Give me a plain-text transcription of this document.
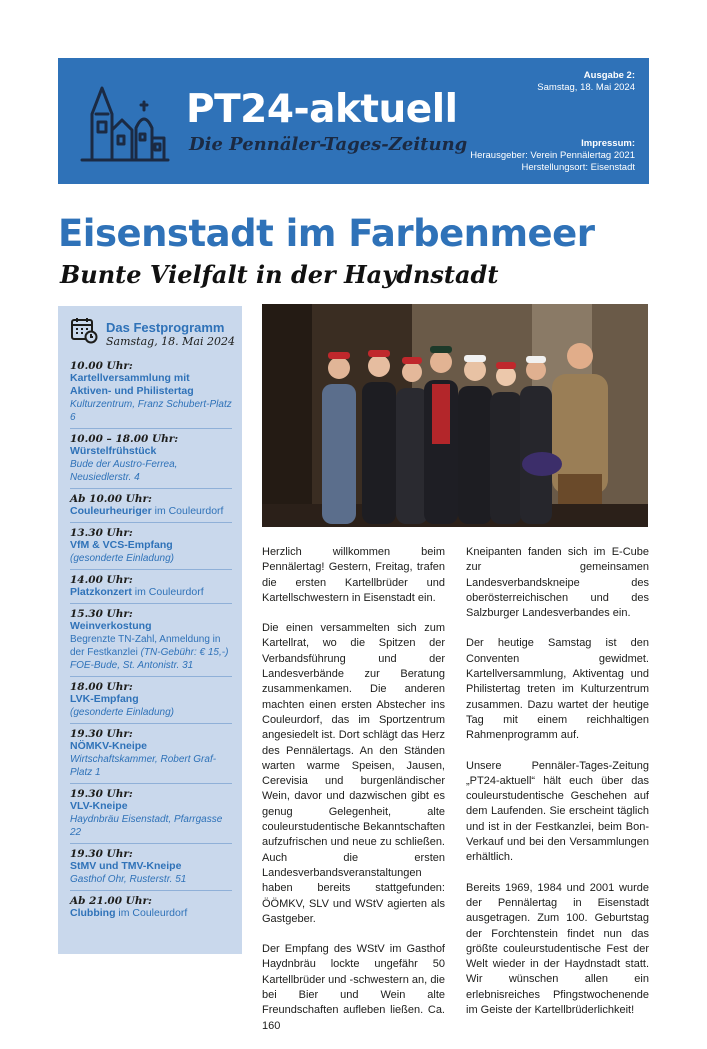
PT24-aktuell
Die Pennäler-Tages-Zeitung
Ausgabe 2:
Samstag, 18. Mai 2024
Impressum:
Herausgeber: Verein Pennälertag 2021
Herstellungsort: Eisenstadt
Eisenstadt im Farbenmeer
Bunte Vielfalt in der Haydnstadt
Das Festprogramm
Samstag, 18. Mai 2024
10.00 Uhr:
Kartellversammlung mit Aktiven- und Philistertag
Kulturzentrum, Franz Schubert-Platz 6
10.00 – 18.00 Uhr:
Würstelfrühstück
Bude der Austro-Ferrea, Neusiedlerstr. 4
Ab 10.00 Uhr:
Couleurheuriger im Couleurdorf
13.30 Uhr:
VfM & VCS-Empfang
(gesonderte Einladung)
14.00 Uhr:
Platzkonzert im Couleurdorf
15.30 Uhr:
Weinverkostung
Begrenzte TN-Zahl, Anmeldung in der Festkanzlei (TN-Gebühr: € 15,-)
FOE-Bude, St. Antonistr. 31
18.00 Uhr:
LVK-Empfang
(gesonderte Einladung)
19.30 Uhr:
NÖMKV-Kneipe
Wirtschaftskammer, Robert Graf-Platz 1
19.30 Uhr:
VLV-Kneipe
Haydnbräu Eisenstadt, Pfarrgasse 22
19.30 Uhr:
StMV und TMV-Kneipe
Gasthof Ohr, Rusterstr. 51
Ab 21.00 Uhr:
Clubbing im Couleurdorf

Herzlich willkommen beim Pennälertag! Gestern, Freitag, trafen die ersten Kartellbrüder und Kartellschwestern in Eisenstadt ein.

Die einen versammelten sich zum Kartellrat, wo die Spitzen der Verbandsführung und der Landesverbände zur Beratung zusammenkamen. Die anderen machten einen ersten Abstecher ins Couleurdorf, das im Sportzentrum angesiedelt ist. Dort schlägt das Herz des Pennälertags. An den Ständen warten warme Speisen, Jausen, Cerevisia und burgenländischer Wein, davor und dazwischen gibt es genug Gelegenheit, alte couleurstudentische Bekanntschaften aufzufrischen und neue zu schließen. Auch die ersten Landesverbandsveranstaltungen haben bereits stattgefunden: ÖÖMKV, SLV und WStV agierten als Gastgeber.

Der Empfang des WStV im Gasthof Haydnbräu lockte ungefähr 50 Kartellbrüder und -schwestern an, die bei Bier und Wein alte Freundschaften aufleben ließen. Ca. 160

Kneipanten fanden sich im E-Cube zur gemeinsamen Landesverbandskneipe des oberösterreichischen und des Salzburger Landesverbandes ein.

Der heutige Samstag ist den Conventen gewidmet. Kartellversammlung, Aktiventag und Philistertag treten im Kulturzentrum zusammen. Dazu wartet der heutige Tag mit einem reichhaltigen Rahmenprogramm auf.

Unsere Pennäler-Tages-Zeitung „PT24-aktuell“ hält euch über das couleurstudentische Geschehen auf dem Laufenden. Sie erscheint täglich und ist in der Festkanzlei, beim Bon-Verkauf und bei den Versammlungen erhältlich.

Bereits 1969, 1984 und 2001 wurde der Pennälertag in Eisenstadt ausgetragen. Zum 100. Geburtstag der Forchtenstein findet nun das größte couleurstudentische Fest der Welt wieder in der Haydnstadt statt. Wir wünschen allen ein erlebnisreiches Pfingstwochenende im Geiste der Kartellbrüderlichkeit!
